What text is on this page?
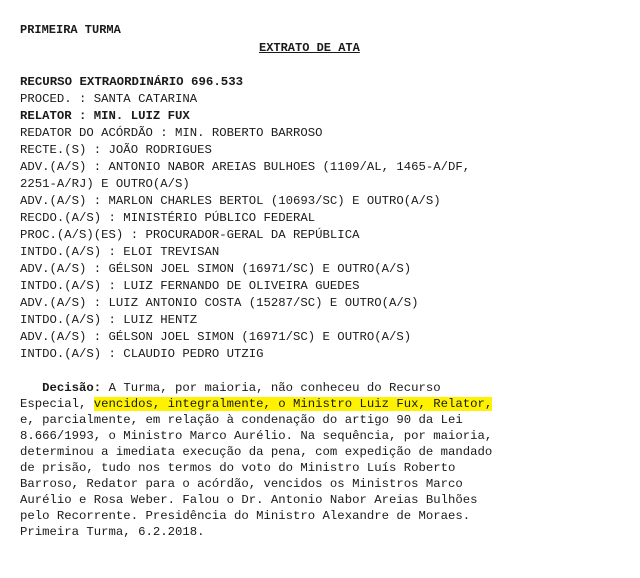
PRIMEIRA TURMA
EXTRATO DE ATA
RECURSO EXTRAORDINÁRIO 696.533
PROCED. : SANTA CATARINA
RELATOR : MIN. LUIZ FUX
REDATOR DO ACÓRDÃO : MIN. ROBERTO BARROSO
RECTE.(S) : JOÃO RODRIGUES
ADV.(A/S) : ANTONIO NABOR AREIAS BULHOES (1109/AL, 1465-A/DF,
2251-A/RJ) E OUTRO(A/S)
ADV.(A/S) : MARLON CHARLES BERTOL (10693/SC) E OUTRO(A/S)
RECDO.(A/S) : MINISTÉRIO PÚBLICO FEDERAL
PROC.(A/S)(ES) : PROCURADOR-GERAL DA REPÚBLICA
INTDO.(A/S) : ELOI TREVISAN
ADV.(A/S) : GÉLSON JOEL SIMON (16971/SC) E OUTRO(A/S)
INTDO.(A/S) : LUIZ FERNANDO DE OLIVEIRA GUEDES
ADV.(A/S) : LUIZ ANTONIO COSTA (15287/SC) E OUTRO(A/S)
INTDO.(A/S) : LUIZ HENTZ
ADV.(A/S) : GÉLSON JOEL SIMON (16971/SC) E OUTRO(A/S)
INTDO.(A/S) : CLAUDIO PEDRO UTZIG
Decisão: A Turma, por maioria, não conheceu do Recurso
Especial, vencidos, integralmente, o Ministro Luiz Fux, Relator,
e, parcialmente, em relação à condenação do artigo 90 da Lei
8.666/1993, o Ministro Marco Aurélio. Na sequência, por maioria,
determinou a imediata execução da pena, com expedição de mandado
de prisão, tudo nos termos do voto do Ministro Luís Roberto
Barroso, Redator para o acórdão, vencidos os Ministros Marco
Aurélio e Rosa Weber. Falou o Dr. Antonio Nabor Areias Bulhões
pelo Recorrente. Presidência do Ministro Alexandre de Moraes.
Primeira Turma, 6.2.2018.
